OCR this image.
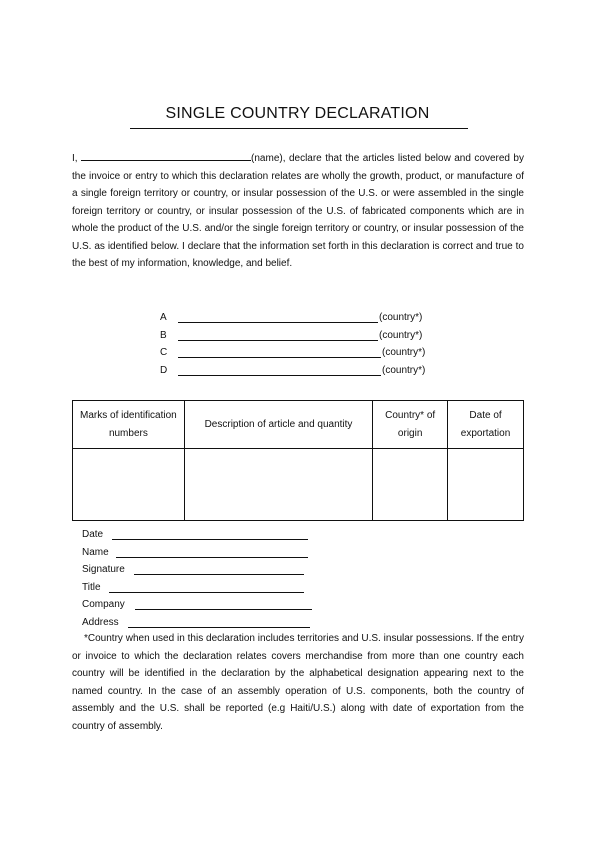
SINGLE COUNTRY DECLARATION
I,	(name), declare that the articles listed below and covered by the invoice or entry to which this declaration relates are wholly the growth, product, or manufacture of a single foreign territory or country, or insular possession of the U.S. or were assembled in the single foreign territory or country, or insular possession of the U.S. of fabricated components which are in whole the product of the U.S. and/or the single foreign territory or country, or insular possession of the U.S. as identified below. I declare that the information set forth in this declaration is correct and true to the best of my information, knowledge, and belief.
A	(country*)
B	(country*)
C	(country*)
D	(country*)
Marks of identification numbers	Description of article and quantity	Country* of origin	Date of exportation

Date
Name
Signature
Title
Company
Address
*Country when used in this declaration includes territories and U.S. insular possessions. If the entry or invoice to which the declaration relates covers merchandise from more than one country each country will be identified in the declaration by the alphabetical designation appearing next to the named country. In the case of an assembly operation of U.S. components, both the country of assembly and the U.S. shall be reported (e.g Haiti/U.S.) along with date of exportation from the country of assembly.
